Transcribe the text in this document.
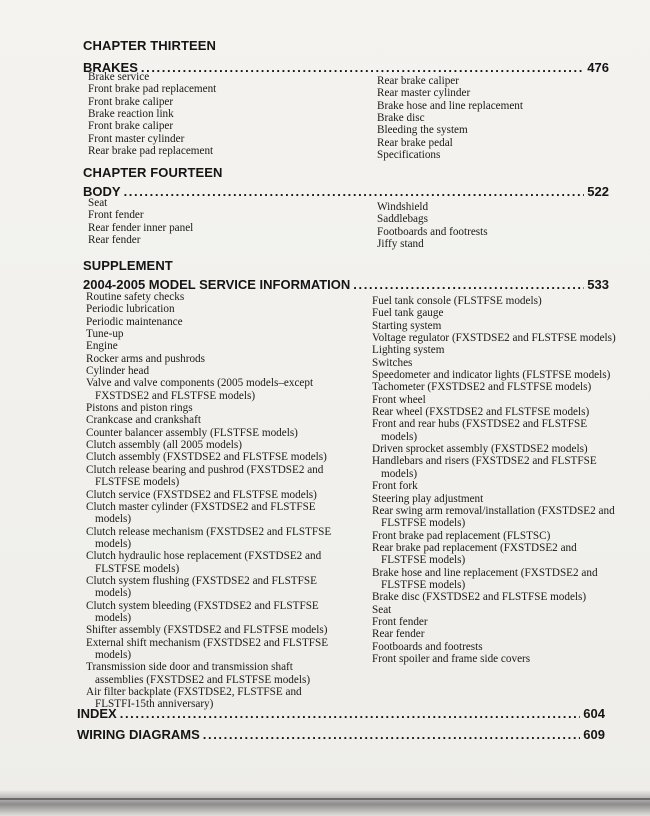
CHAPTER THIRTEEN
BRAKES .....	476

Brake service

Front brake pad replacement

Front brake caliper

Brake reaction link

Front brake caliper

Front master cylinder

Rear brake pad replacement

Rear brake caliper

Rear master cylinder

Brake hose and line replacement

Brake disc

Bleeding the system

Rear brake pedal

Specifications

CHAPTER FOURTEEN
BODY .....	522

Seat

Front fender

Rear fender inner panel

Rear fender

Windshield

Saddlebags

Footboards and footrests

Jiffy stand

SUPPLEMENT
2004-2005 MODEL SERVICE INFORMATION .....	533

Routine safety checks

Periodic lubrication

Periodic maintenance

Tune-up

Engine

Rocker arms and pushrods

Cylinder head

Valve and valve components (2005 models–except FXSTDSE2 and FLSTFSE models)

Pistons and piston rings

Crankcase and crankshaft

Counter balancer assembly (FLSTFSE models)

Clutch assembly (all 2005 models)

Clutch assembly (FXSTDSE2 and FLSTFSE models)

Clutch release bearing and pushrod (FXSTDSE2 and FLSTFSE models)

Clutch service (FXSTDSE2 and FLSTFSE models)

Clutch master cylinder (FXSTDSE2 and FLSTFSE models)

Clutch release mechanism (FXSTDSE2 and FLSTFSE models)

Clutch hydraulic hose replacement (FXSTDSE2 and FLSTFSE models)

Clutch system flushing (FXSTDSE2 and FLSTFSE models)

Clutch system bleeding (FXSTDSE2 and FLSTFSE models)

Shifter assembly (FXSTDSE2 and FLSTFSE models)

External shift mechanism (FXSTDSE2 and FLSTFSE models)

Transmission side door and transmission shaft assemblies (FXSTDSE2 and FLSTFSE models)

Air filter backplate (FXSTDSE2, FLSTFSE and FLSTFI-15th anniversary)

Fuel tank console (FLSTFSE models)

Fuel tank gauge

Starting system

Voltage regulator (FXSTDSE2 and FLSTFSE models)

Lighting system

Switches

Speedometer and indicator lights (FLSTFSE models)

Tachometer (FXSTDSE2 and FLSTFSE models)

Front wheel

Rear wheel (FXSTDSE2 and FLSTFSE models)

Front and rear hubs (FXSTDSE2 and FLSTFSE models)

Driven sprocket assembly (FXSTDSE2 models)

Handlebars and risers (FXSTDSE2 and FLSTFSE models)

Front fork

Steering play adjustment

Rear swing arm removal/installation (FXSTDSE2 and FLSTFSE models)

Front brake pad replacement (FLSTSC)

Rear brake pad replacement (FXSTDSE2 and FLSTFSE models)

Brake hose and line replacement (FXSTDSE2 and FLSTFSE models)

Brake disc (FXSTDSE2 and FLSTFSE models)

Seat

Front fender

Rear fender

Footboards and footrests

Front spoiler and frame side covers

INDEX .....	604
WIRING DIAGRAMS .....	609
